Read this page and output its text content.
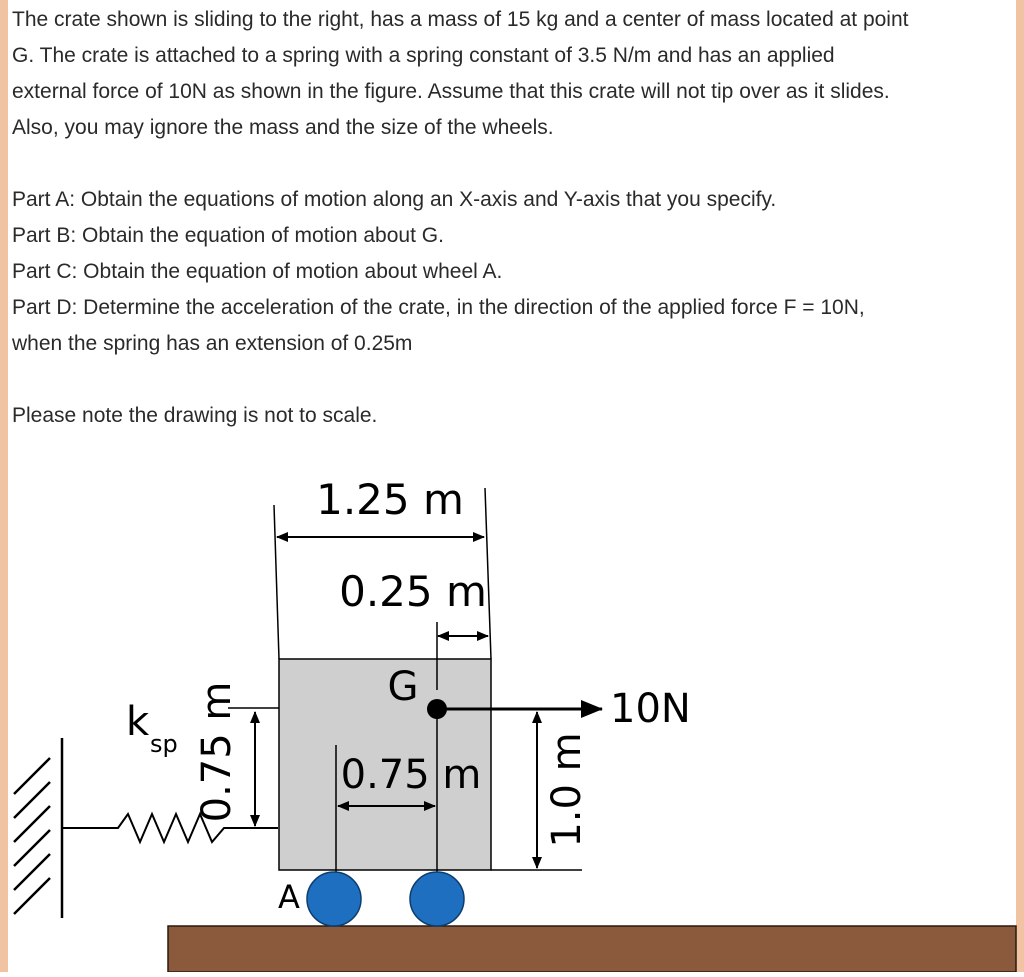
The crate shown is sliding to the right, has a mass of 15 kg and a center of mass located at point
G. The crate is attached to a spring with a spring constant of 3.5 N/m and has an applied
external force of 10N as shown in the figure. Assume that this crate will not tip over as it slides.
Also, you may ignore the mass and the size of the wheels.
Part A: Obtain the equations of motion along an X-axis and Y-axis that you specify.
Part B: Obtain the equation of motion about G.
Part C: Obtain the equation of motion about wheel A.
Part D: Determine the acceleration of the crate, in the direction of the applied force F = 10N,
when the spring has an extension of 0.25m
Please note the drawing is not to scale.
1.25 m
0.25 m
G	10N
k sp 0.75 m	0.75 m 1.0 m
A
